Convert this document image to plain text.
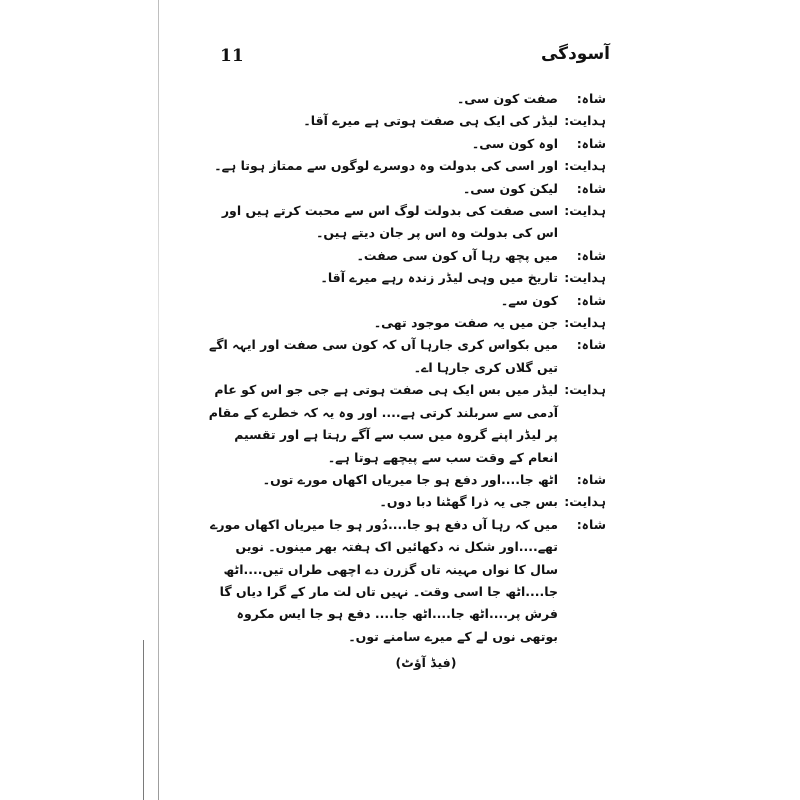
11	آسودگی
شاہ:
صفت کون سی۔
ہدایت:
لیڈر کی ایک ہی صفت ہوتی ہے میرے آقا۔
شاہ:
اوہ کون سی۔
ہدایت:
اور اسی کی بدولت وہ دوسرے لوگوں سے ممتاز ہوتا ہے۔
شاہ:
لیکن کون سی۔
ہدایت:
اسی صفت کی بدولت لوگ اس سے محبت کرتے ہیں اور اس کی بدولت وہ اس پر جان دیتے ہیں۔
شاہ:
میں پچھ رہا آں کون سی صفت۔
ہدایت:
تاریخ میں وہی لیڈر زندہ رہے میرے آقا۔
شاہ:
کون سے۔
ہدایت:
جن میں یہ صفت موجود تھی۔
شاہ:
میں بکواس کری جارہا آں کہ کون سی صفت اور ایہہ اگے تیں گلاں کری جارہا اے۔
ہدایت:
لیڈر میں بس ایک ہی صفت ہوتی ہے جی جو اس کو عام آدمی سے سربلند کرتی ہے.... اور وہ یہ کہ خطرے کے مقام پر لیڈر اپنے گروہ میں سب سے آگے رہتا ہے اور تقسیم انعام کے وقت سب سے پیچھے ہوتا ہے۔
شاہ:
اٹھ جا....اور دفع ہو جا میریاں اکھاں مورے توں۔
ہدایت:
بس جی یہ ذرا گھٹنا دبا دوں۔
شاہ:
میں کہ رہا آں دفع ہو جا....دُور ہو جا میریاں اکھاں مورے تھے....اور شکل نہ دکھائیں اک ہفتہ بھر مینوں۔ نویں سال کا نواں مہینہ تاں گزرن دے اچھی طراں تیں....اٹھ جا....اٹھ جا اسی وقت۔ نہیں تاں لت مار کے گرا دیاں گا فرش پر....اٹھ جا....اٹھ جا.... دفع ہو جا ایس مکروہ بوتھی نوں لے کے میرے سامنے توں۔
(فیڈ آؤٹ)
